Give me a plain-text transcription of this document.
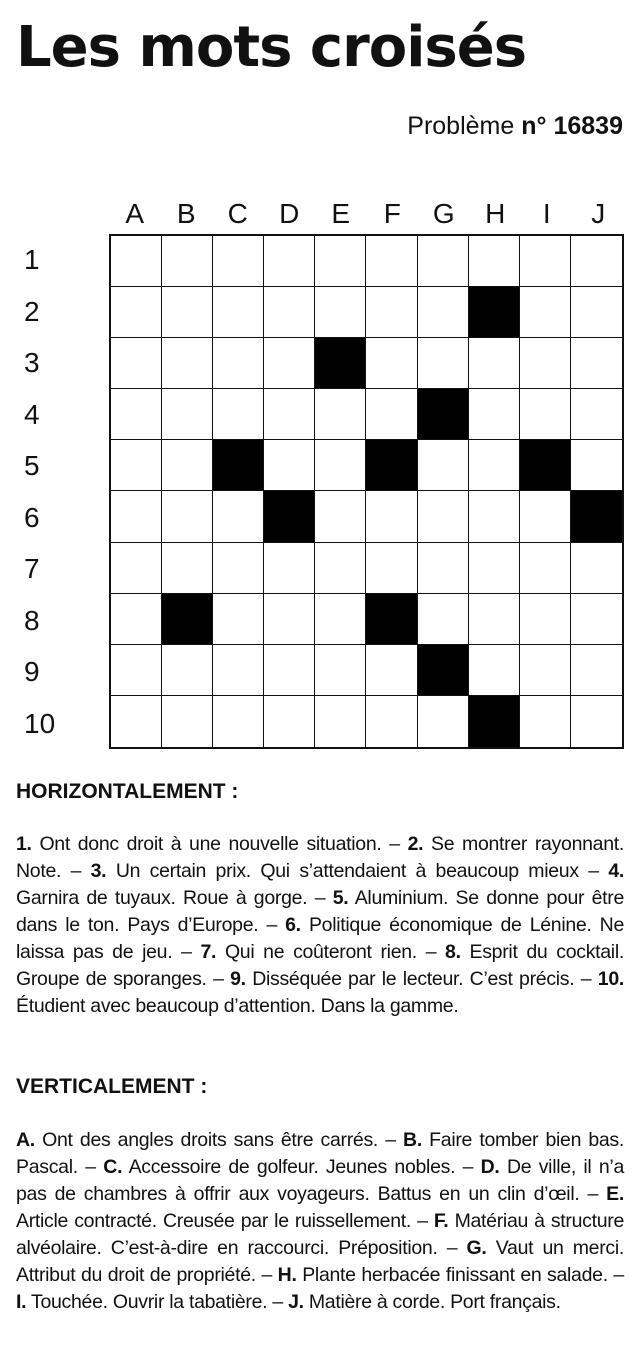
Les mots croisés
Problème n° 16839
A	B	C	D	E	F	G	H	I	J
1
2
3
4
5
6
7
8
9
10
HORIZONTALEMENT :
1. Ont donc droit à une nouvelle situation. – 2. Se montrer rayonnant. Note. – 3. Un certain prix. Qui s’attendaient à beaucoup mieux – 4. Garnira de tuyaux. Roue à gorge. – 5. Aluminium. Se donne pour être dans le ton. Pays d’Europe. – 6. Politique économique de Lénine. Ne laissa pas de jeu. – 7. Qui ne coûteront rien. – 8. Esprit du cocktail. Groupe de sporanges. – 9. Disséquée par le lecteur. C’est précis. – 10. Étudient avec beaucoup d’attention. Dans la gamme.
VERTICALEMENT :
A. Ont des angles droits sans être carrés. – B. Faire tomber bien bas. Pascal. – C. Accessoire de golfeur. Jeunes nobles. – D. De ville, il n’a pas de chambres à offrir aux voyageurs. Battus en un clin d’œil. – E. Article contracté. Creusée par le ruissellement. – F. Matériau à structure alvéolaire. C’est-à-dire en raccourci. Préposition. – G. Vaut un merci. Attribut du droit de propriété. – H. Plante herbacée finissant en salade. – I. Touchée. Ouvrir la tabatière. – J. Matière à corde. Port français.
